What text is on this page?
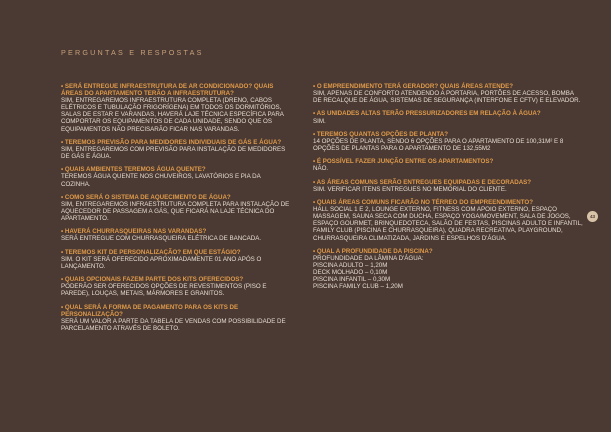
PERGUNTAS E RESPOSTAS
• SERÁ ENTREGUE INFRAESTRUTURA DE AR CONDICIONADO? QUAIS ÁREAS DO APARTAMENTO TERÃO A INFRAESTRUTURA?
SIM, ENTREGAREMOS INFRAESTRUTURA COMPLETA (DRENO, CABOS ELÉTRICOS E TUBULAÇÃO FRIGORÍGENA) EM TODOS OS DORMITÓRIOS, SALAS DE ESTAR E VARANDAS, HAVERÁ LAJE TÉCNICA ESPECÍFICA PARA COMPORTAR OS EQUIPAMENTOS DE CADA UNIDADE, SENDO QUE OS EQUIPAMENTOS NÃO PRECISARÃO FICAR NAS VARANDAS.
• TEREMOS PREVISÃO PARA MEDIDORES INDIVIDUAIS DE GÁS E ÁGUA?
SIM, ENTREGAREMOS COM PREVISÃO PARA INSTALAÇÃO DE MEDIDORES DE GÁS E ÁGUA.
• QUAIS AMBIENTES TEREMOS ÁGUA QUENTE?
TEREMOS ÁGUA QUENTE NOS CHUVEIROS, LAVATÓRIOS E PIA DA COZINHA.
• COMO SERÁ O SISTEMA DE AQUECIMENTO DE ÁGUA?
SIM, ENTREGAREMOS INFRAESTRUTURA COMPLETA PARA INSTALAÇÃO DE AQUECEDOR DE PASSAGEM A GÁS, QUE FICARÁ NA LAJE TÉCNICA DO APARTAMENTO.
• HAVERÁ CHURRASQUEIRAS NAS VARANDAS?
SERÁ ENTREGUE COM CHURRASQUEIRA ELÉTRICA DE BANCADA.
• TEREMOS KIT DE PERSONALIZAÇÃO? EM QUE ESTÁGIO?
SIM. O KIT SERÁ OFERECIDO APROXIMADAMENTE 01 ANO APÓS O LANÇAMENTO.
• QUAIS OPCIONAIS FAZEM PARTE DOS KITS OFERECIDOS?
PODERÃO SER OFERECIDOS OPÇÕES DE REVESTIMENTOS (PISO E PAREDE), LOUÇAS, METAIS, MÁRMORES E GRANITOS.
• QUAL SERÁ A FORMA DE PAGAMENTO PARA OS KITS DE PERSONALIZAÇÃO?
SERÁ UM VALOR A PARTE DA TABELA DE VENDAS COM POSSIBILIDADE DE PARCELAMENTO ATRAVÉS DE BOLETO.
• O EMPREENDIMENTO TERÁ GERADOR? QUAIS ÁREAS ATENDE?
SIM, APENAS DE CONFORTO ATENDENDO A PORTARIA, PORTÕES DE ACESSO, BOMBA DE RECALQUE DE ÁGUA, SISTEMAS DE SEGURANÇA (INTERFONE E CFTV) E ELEVADOR.
• AS UNIDADES ALTAS TERÃO PRESSURIZADORES EM RELAÇÃO À ÁGUA?
SIM.
• TEREMOS QUANTAS OPÇÕES DE PLANTA?
14 OPÇÕES DE PLANTA, SENDO 6 OPÇÕES PARA O APARTAMENTO DE 100,31M² E 8 OPÇÕES DE PLANTAS PARA O APARTAMENTO DE 132,55M2
• É POSSÍVEL FAZER JUNÇÃO ENTRE OS APARTAMENTOS?
NÃO.
• AS ÁREAS COMUNS SERÃO ENTREGUES EQUIPADAS E DECORADAS?
SIM. VERIFICAR ITENS ENTREGUES NO MEMORIAL DO CLIENTE.
• QUAIS ÁREAS COMUNS FICARÃO NO TÉRREO DO EMPREENDIMENTO?
HALL SOCIAL 1 E 2, LOUNGE EXTERNO, FITNESS COM APOIO EXTERNO, ESPAÇO MASSAGEM, SAUNA SECA COM DUCHA, ESPAÇO YOGA/MOVEMENT, SALA DE JOGOS, ESPAÇO GOURMET, BRINQUEDOTECA, SALÃO DE FESTAS, PISCINAS ADULTO E INFANTIL, FAMILY CLUB (PISCINA E CHURRASQUEIRA), QUADRA RECREATIVA, PLAYGROUND, CHURRASQUEIRA CLIMATIZADA, JARDINS E ESPELHOS D'ÁGUA.
• QUAL A PROFUNDIDADE DA PISCINA?
PROFUNDIDADE DA LÂMINA D'ÁGUA:
PISCINA ADULTO – 1,20M
DECK MOLHADO – 0,10M
PISCINA INFANTIL – 0,30M
PISCINA FAMILY CLUB – 1,20M
43
